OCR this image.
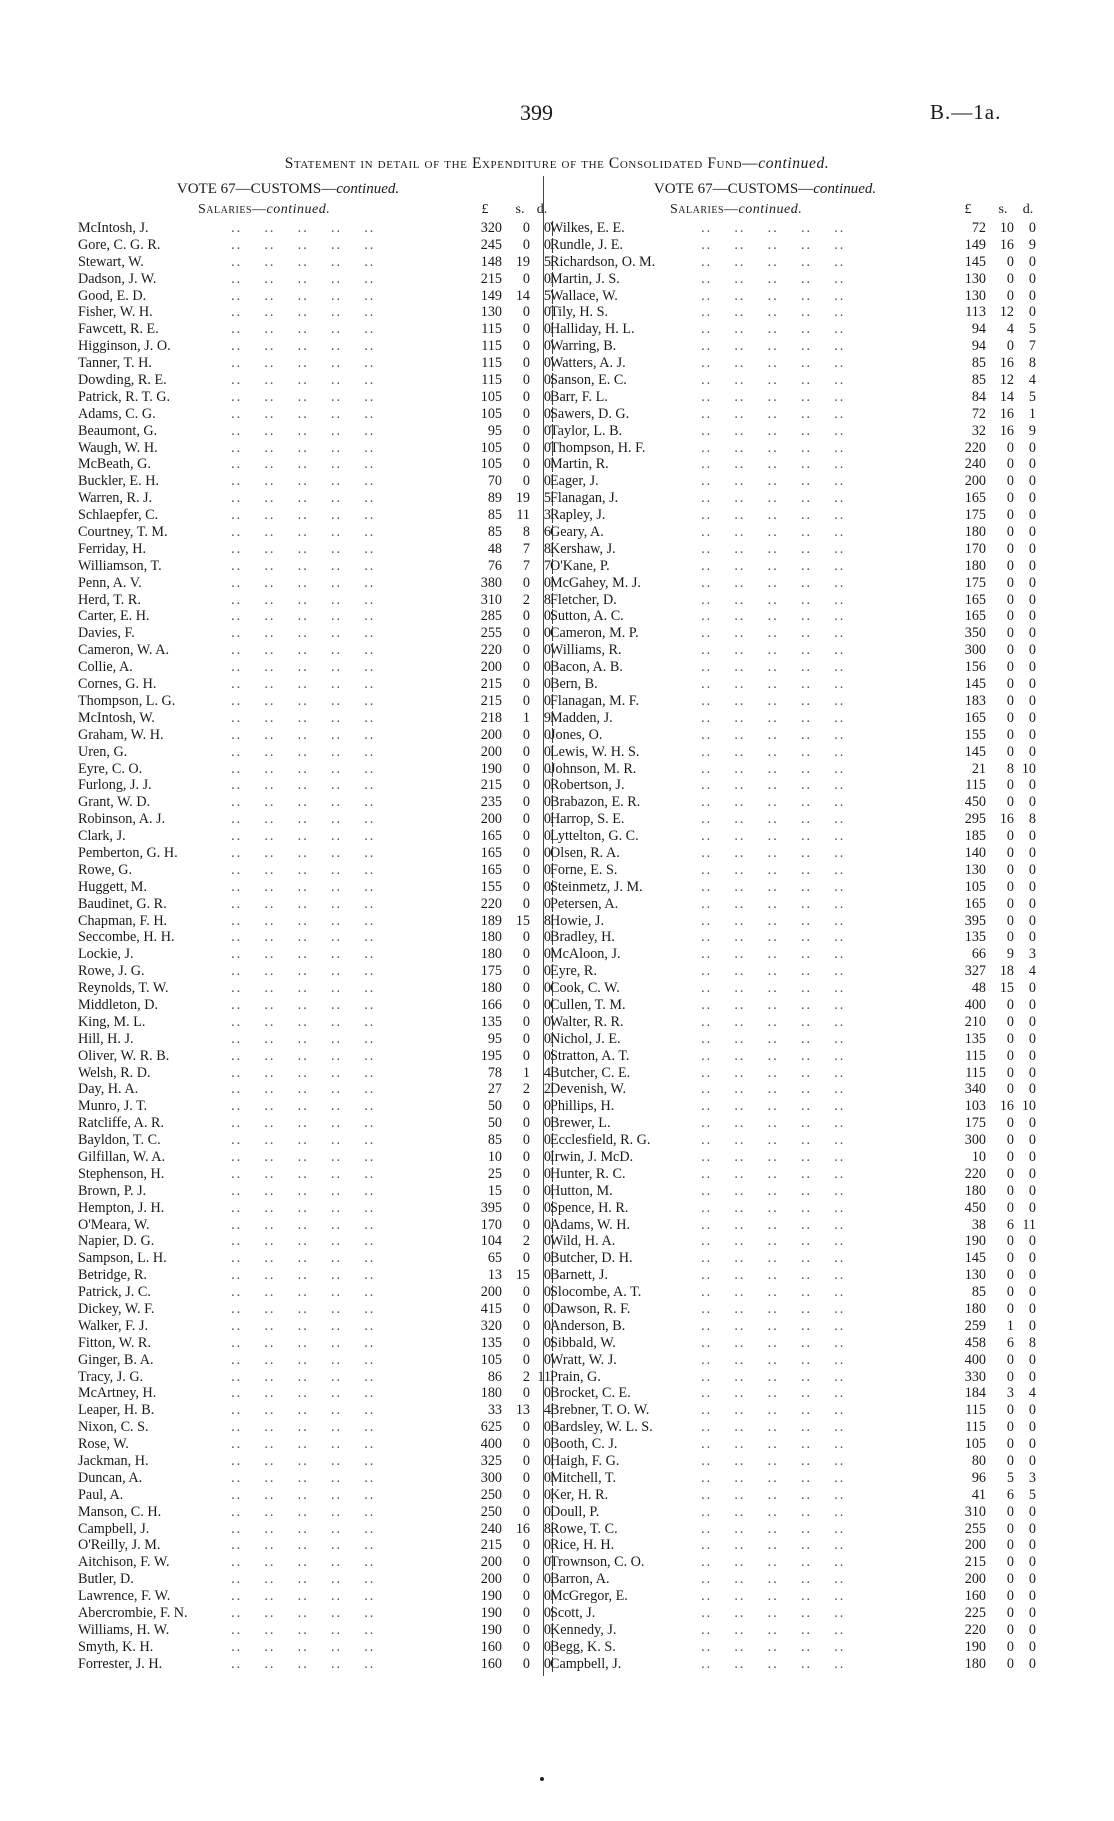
399	B.—1a.
Statement in detail of the Expenditure of the Consolidated Fund—continued.
VOTE 67—CUSTOMS—continued.
Salaries—continued.	£	s. d.
McIntosh, J.	..    ..    ..    ..    ..	320	0 0
Gore, C. G. R.	..    ..    ..    ..    ..	245	0 0
Stewart, W.	..    ..    ..    ..    ..	148 19 5
Dadson, J. W.	..    ..    ..    ..    ..	215	0 0
Good, E. D.	..    ..    ..    ..    ..	149 14 5
Fisher, W. H.	..    ..    ..    ..    ..	130	0 0
Fawcett, R. E.	..    ..    ..    ..    ..	115	0 0
Higginson, J. O.	..    ..    ..    ..    ..	115	0 0
Tanner, T. H.	..    ..    ..    ..    ..	115	0 0
Dowding, R. E.	..    ..    ..    ..    ..	115	0 0
Patrick, R. T. G.	..    ..    ..    ..    ..	105	0 0
Adams, C. G.	..    ..    ..    ..    ..	105	0 0
Beaumont, G.	..    ..    ..    ..    ..	95	0 0
Waugh, W. H.	..    ..    ..    ..    ..	105	0 0
McBeath, G.	..    ..    ..    ..    ..	105	0 0
Buckler, E. H.	..    ..    ..    ..    ..	70	0 0
Warren, R. J.	..    ..    ..    ..    ..	89 19 5
Schlaepfer, C.	..    ..    ..    ..    ..	85	11 3
Courtney, T. M.	..    ..    ..    ..    ..	85	8 6
Ferriday, H.	..    ..    ..    ..    ..	48	7 8
Williamson, T.	..    ..    ..    ..    ..	76	7 7
Penn, A. V.	..    ..    ..    ..    ..	380	0 0
Herd, T. R.	..    ..    ..    ..    ..	310	2 8
Carter, E. H.	..    ..    ..    ..    ..	285	0 0
Davies, F.	..    ..    ..    ..    ..	255	0 0
Cameron, W. A.	..    ..    ..    ..    ..	220	0 0
Collie, A.	..    ..    ..    ..    ..	200	0 0
Cornes, G. H.	..    ..    ..    ..    ..	215	0 0
Thompson, L. G.	..    ..    ..    ..    ..	215	0 0
McIntosh, W.	..    ..    ..    ..    ..	218	1 9
Graham, W. H.	..    ..    ..    ..    ..	200	0 0
Uren, G.	..    ..    ..    ..    ..	200	0 0
Eyre, C. O.	..    ..    ..    ..    ..	190	0 0
Furlong, J. J.	..    ..    ..    ..    ..	215	0 0
Grant, W. D.	..    ..    ..    ..    ..	235	0 0
Robinson, A. J.	..    ..    ..    ..    ..	200	0 0
Clark, J.	..    ..    ..    ..    ..	165	0 0
Pemberton, G. H.	..    ..    ..    ..    ..	165	0 0
Rowe, G.	..    ..    ..    ..    ..	165	0 0
Huggett, M.	..    ..    ..    ..    ..	155	0 0
Baudinet, G. R.	..    ..    ..    ..    ..	220	0 0
Chapman, F. H.	..    ..    ..    ..    ..	189 15 8
Seccombe, H. H.	..    ..    ..    ..    ..	180	0 0
Lockie, J.	..    ..    ..    ..    ..	180	0 0
Rowe, J. G.	..    ..    ..    ..    ..	175	0 0
Reynolds, T. W.	..    ..    ..    ..    ..	180	0 0
Middleton, D.	..    ..    ..    ..    ..	166	0 0
King, M. L.	..    ..    ..    ..    ..	135	0 0
Hill, H. J.	..    ..    ..    ..    ..	95	0 0
Oliver, W. R. B.	..    ..    ..    ..    ..	195	0 0
Welsh, R. D.	..    ..    ..    ..    ..	78	1 4
Day, H. A.	..    ..    ..    ..    ..	27	2 2
Munro, J. T.	..    ..    ..    ..    ..	50	0 0
Ratcliffe, A. R.	..    ..    ..    ..    ..	50	0 0
Bayldon, T. C.	..    ..    ..    ..    ..	85	0 0
Gilfillan, W. A.	..    ..    ..    ..    ..	10	0 0
Stephenson, H.	..    ..    ..    ..    ..	25	0 0
Brown, P. J.	..    ..    ..    ..    ..	15	0 0
Hempton, J. H.	..    ..    ..    ..    ..	395	0 0
O'Meara, W.	..    ..    ..    ..    ..	170	0 0
Napier, D. G.	..    ..    ..    ..    ..	104	2 0
Sampson, L. H.	..    ..    ..    ..    ..	65	0 0
Betridge, R.	..    ..    ..    ..    ..	13 15 0
Patrick, J. C.	..    ..    ..    ..    ..	200	0 0
Dickey, W. F.	..    ..    ..    ..    ..	415	0 0
Walker, F. J.	..    ..    ..    ..    ..	320	0 0
Fitton, W. R.	..    ..    ..    ..    ..	135	0 0
Ginger, B. A.	..    ..    ..    ..    ..	105	0 0
Tracy, J. G.	..    ..    ..    ..    ..	86	2 11
McArtney, H.	..    ..    ..    ..    ..	180	0 0
Leaper, H. B.	..    ..    ..    ..    ..	33 13 4
Nixon, C. S.	..    ..    ..    ..    ..	625	0 0
Rose, W.	..    ..    ..    ..    ..	400	0 0
Jackman, H.	..    ..    ..    ..    ..	325	0 0
Duncan, A.	..    ..    ..    ..    ..	300	0 0
Paul, A.	..    ..    ..    ..    ..	250	0 0
Manson, C. H.	..    ..    ..    ..    ..	250	0 0
Campbell, J.	..    ..    ..    ..    ..	240 16 8
O'Reilly, J. M.	..    ..    ..    ..    ..	215	0 0
Aitchison, F. W.	..    ..    ..    ..    ..	200	0 0
Butler, D.	..    ..    ..    ..    ..	200	0 0
Lawrence, F. W.	..    ..    ..    ..    ..	190	0 0
Abercrombie, F. N. ..    ..    ..    ..    ..	190	0 0
Williams, H. W.	..    ..    ..    ..    ..	190	0 0
Smyth, K. H.	..    ..    ..    ..    ..	160	0 0
Forrester, J. H.	..    ..    ..    ..    ..	160	0 0
VOTE 67—CUSTOMS—continued.
Salaries—continued.	£	s.	d.
Wilkes, E. E.	..    ..    ..    ..    ..	72 10	0
Rundle, J. E.	..    ..    ..    ..    ..	149 16	9
Richardson, O. M. ..    ..    ..    ..    ..	145	0	0
Martin, J. S.	..    ..    ..    ..    ..	130	0	0
Wallace, W.	..    ..    ..    ..    ..	130	0	0
Tily, H. S.	..    ..    ..    ..    ..	113 12	0
Halliday, H. L.	..    ..    ..    ..    ..	94	4	5
Warring, B.	..    ..    ..    ..    ..	94	0	7
Watters, A. J.	..    ..    ..    ..    ..	85 16	8
Sanson, E. C.	..    ..    ..    ..    ..	85 12	4
Barr, F. L.	..    ..    ..    ..    ..	84 14	5
Sawers, D. G.	..    ..    ..    ..    ..	72 16	1
Taylor, L. B.	..    ..    ..    ..    ..	32 16	9
Thompson, H. F.	..    ..    ..    ..    ..	220	0	0
Martin, R.	..    ..    ..    ..    ..	240	0	0
Eager, J.	..    ..    ..    ..    ..	200	0	0
Flanagan, J.	..    ..    ..    ..    ..	165	0	0
Rapley, J.	..    ..    ..    ..    ..	175	0	0
Geary, A.	..    ..    ..    ..    ..	180	0	0
Kershaw, J.	..    ..    ..    ..    ..	170	0	0
O'Kane, P.	..    ..    ..    ..    ..	180	0	0
McGahey, M. J.	..    ..    ..    ..    ..	175	0	0
Fletcher, D.	..    ..    ..    ..    ..	165	0	0
Sutton, A. C.	..    ..    ..    ..    ..	165	0	0
Cameron, M. P.	..    ..    ..    ..    ..	350	0	0
Williams, R.	..    ..    ..    ..    ..	300	0	0
Bacon, A. B.	..    ..    ..    ..    ..	156	0	0
Bern, B.	..    ..    ..    ..    ..	145	0	0
Flanagan, M. F.	..    ..    ..    ..    ..	183	0	0
Madden, J.	..    ..    ..    ..    ..	165	0	0
Jones, O.	..    ..    ..    ..    ..	155	0	0
Lewis, W. H. S.	..    ..    ..    ..    ..	145	0	0
Johnson, M. R.	..    ..    ..    ..    ..	21	8 10
Robertson, J.	..    ..    ..    ..    ..	115	0	0
Brabazon, E. R.	..    ..    ..    ..    ..	450	0	0
Harrop, S. E.	..    ..    ..    ..    ..	295 16	8
Lyttelton, G. C.	..    ..    ..    ..    ..	185	0	0
Olsen, R. A.	..    ..    ..    ..    ..	140	0	0
Forne, E. S.	..    ..    ..    ..    ..	130	0	0
Steinmetz, J. M.	..    ..    ..    ..    ..	105	0	0
Petersen, A.	..    ..    ..    ..    ..	165	0	0
Howie, J.	..    ..    ..    ..    ..	395	0	0
Bradley, H.	..    ..    ..    ..    ..	135	0	0
McAloon, J.	..    ..    ..    ..    ..	66	9	3
Eyre, R.	..    ..    ..    ..    ..	327 18	4
Cook, C. W.	..    ..    ..    ..    ..	48 15	0
Cullen, T. M.	..    ..    ..    ..    ..	400	0	0
Walter, R. R.	..    ..    ..    ..    ..	210	0	0
Nichol, J. E.	..    ..    ..    ..    ..	135	0	0
Stratton, A. T.	..    ..    ..    ..    ..	115	0	0
Butcher, C. E.	..    ..    ..    ..    ..	115	0	0
Devenish, W.	..    ..    ..    ..    ..	340	0	0
Phillips, H.	..    ..    ..    ..    ..	103 16 10
Brewer, L.	..    ..    ..    ..    ..	175	0	0
Ecclesfield, R. G.	..    ..    ..    ..    ..	300	0	0
Irwin, J. McD.	..    ..    ..    ..    ..	10	0	0
Hunter, R. C.	..    ..    ..    ..    ..	220	0	0
Hutton, M.	..    ..    ..    ..    ..	180	0	0
Spence, H. R.	..    ..    ..    ..    ..	450	0	0
Adams, W. H.	..    ..    ..    ..    ..	38	6 11
Wild, H. A.	..    ..    ..    ..    ..	190	0	0
Butcher, D. H.	..    ..    ..    ..    ..	145	0	0
Barnett, J.	..    ..    ..    ..    ..	130	0	0
Slocombe, A. T.	..    ..    ..    ..    ..	85	0	0
Dawson, R. F.	..    ..    ..    ..    ..	180	0	0
Anderson, B.	..    ..    ..    ..    ..	259	1	0
Sibbald, W.	..    ..    ..    ..    ..	458	6	8
Wratt, W. J.	..    ..    ..    ..    ..	400	0	0
Prain, G.	..    ..    ..    ..    ..	330	0	0
Brocket, C. E.	..    ..    ..    ..    ..	184	3	4
Brebner, T. O. W.	..    ..    ..    ..    ..	115	0	0
Bardsley, W. L. S.	..    ..    ..    ..    ..	115	0	0
Booth, C. J.	..    ..    ..    ..    ..	105	0	0
Haigh, F. G.	..    ..    ..    ..    ..	80	0	0
Mitchell, T.	..    ..    ..    ..    ..	96	5	3
Ker, H. R.	..    ..    ..    ..    ..	41	6	5
Doull, P.	..    ..    ..    ..    ..	310	0	0
Rowe, T. C.	..    ..    ..    ..    ..	255	0	0
Rice, H. H.	..    ..    ..    ..    ..	200	0	0
Trownson, C. O.	..    ..    ..    ..    ..	215	0	0
Barron, A.	..    ..    ..    ..    ..	200	0	0
McGregor, E.	..    ..    ..    ..    ..	160	0	0
Scott, J.	..    ..    ..    ..    ..	225	0	0
Kennedy, J.	..    ..    ..    ..    ..	220	0	0
Begg, K. S.	..    ..    ..    ..    ..	190	0	0
Campbell, J.	..    ..    ..    ..    ..	180	0	0
